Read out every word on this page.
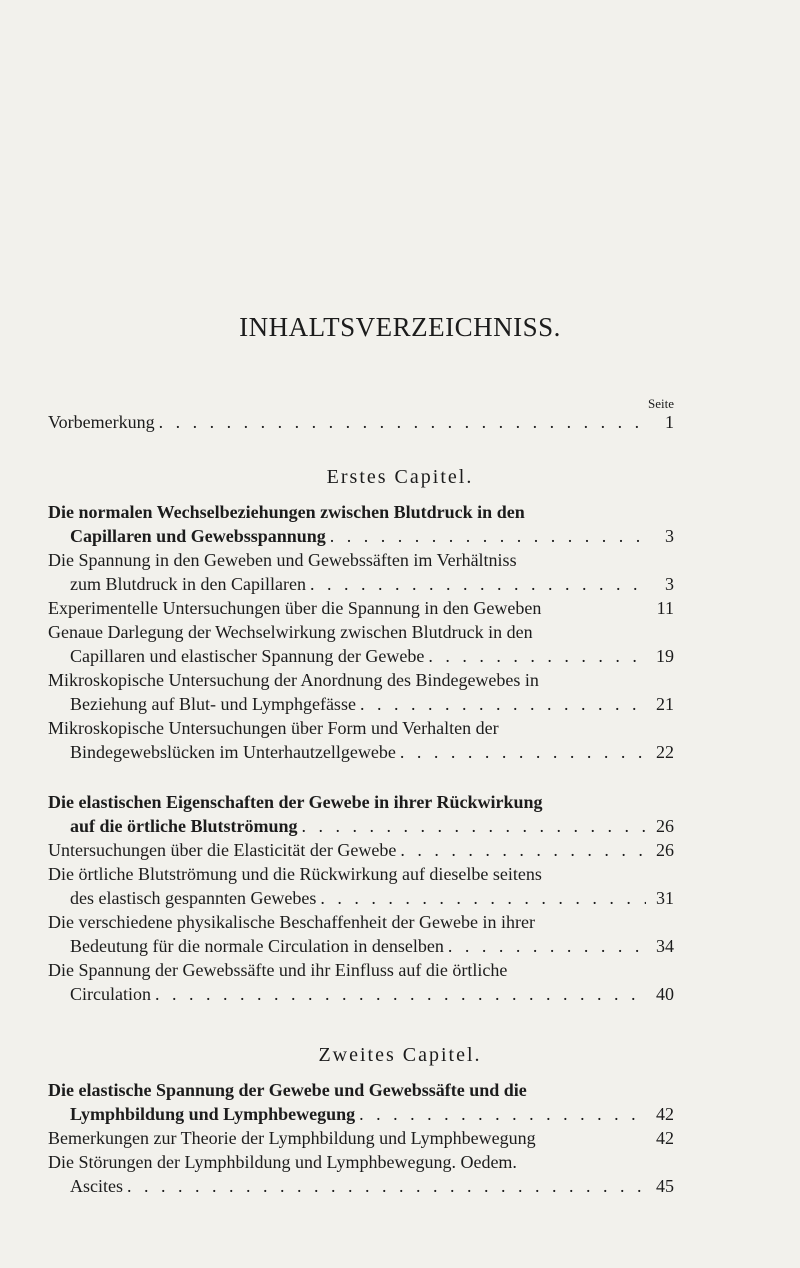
INHALTSVERZEICHNISS.
Seite
Vorbemerkung . . .	1
Erstes Capitel.
Die normalen Wechselbeziehungen zwischen Blutdruck in den
Capillaren und Gewebsspannung . . .	3
Die Spannung in den Geweben und Gewebssäften im Verhältniss
zum Blutdruck in den Capillaren . . .	3
Experimentelle Untersuchungen über die Spannung in den Geweben	11
Genaue Darlegung der Wechselwirkung zwischen Blutdruck in den
Capillaren und elastischer Spannung der Gewebe . . .	19
Mikroskopische Untersuchung der Anordnung des Bindegewebes in
Beziehung auf Blut- und Lymphgefässe . . .	21
Mikroskopische Untersuchungen über Form und Verhalten der
Bindegewebslücken im Unterhautzellgewebe . . .	22
Die elastischen Eigenschaften der Gewebe in ihrer Rückwirkung
auf die örtliche Blutströmung . . .	26
Untersuchungen über die Elasticität der Gewebe . . .	26
Die örtliche Blutströmung und die Rückwirkung auf dieselbe seitens
des elastisch gespannten Gewebes . . .	31
Die verschiedene physikalische Beschaffenheit der Gewebe in ihrer
Bedeutung für die normale Circulation in denselben . . .	34
Die Spannung der Gewebssäfte und ihr Einfluss auf die örtliche
Circulation . . .	40
Zweites Capitel.
Die elastische Spannung der Gewebe und Gewebssäfte und die
Lymphbildung und Lymphbewegung . . .	42
Bemerkungen zur Theorie der Lymphbildung und Lymphbewegung	42
Die Störungen der Lymphbildung und Lymphbewegung. Oedem.
Ascites . . .	45
